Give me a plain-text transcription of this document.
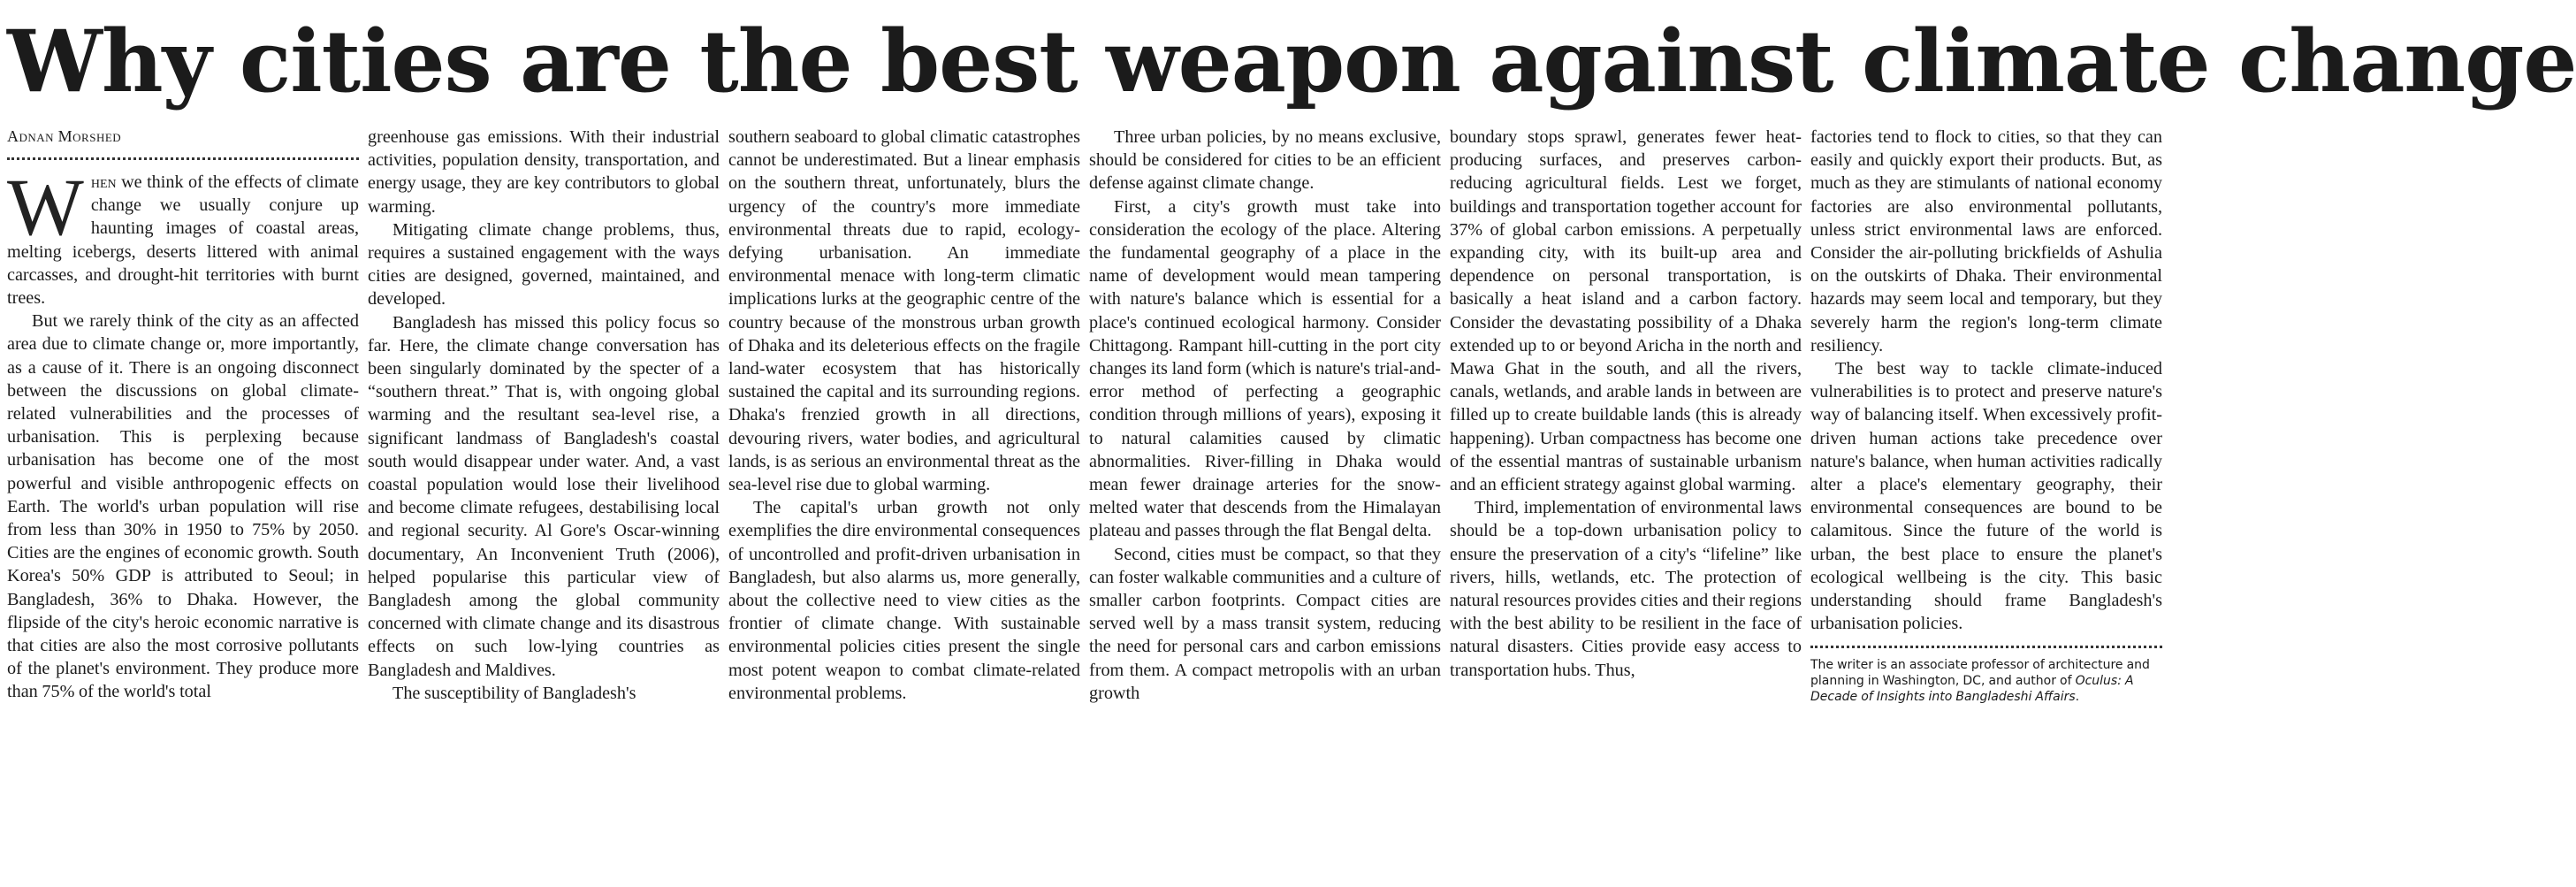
Why cities are the best weapon against climate change
Adnan Morshed

When we think of the effects of climate change we usually conjure up haunting images of coastal areas, melting icebergs, deserts littered with animal carcasses, and drought-hit territories with burnt trees.

But we rarely think of the city as an affected area due to climate change or, more importantly, as a cause of it. There is an ongoing disconnect between the discussions on global climate-related vulnerabilities and the processes of urbanisation. This is perplexing because urbanisation has become one of the most powerful and visible anthropogenic effects on Earth. The world's urban population will rise from less than 30% in 1950 to 75% by 2050. Cities are the engines of economic growth. South Korea's 50% GDP is attributed to Seoul; in Bangladesh, 36% to Dhaka. However, the flipside of the city's heroic economic narrative is that cities are also the most corrosive pollutants of the planet's environment. They produce more than 75% of the world's total

greenhouse gas emissions. With their industrial activities, population density, transportation, and energy usage, they are key contributors to global warming.

Mitigating climate change problems, thus, requires a sustained engagement with the ways cities are designed, governed, maintained, and developed.

Bangladesh has missed this policy focus so far. Here, the climate change conversation has been singularly dominated by the specter of a “southern threat.” That is, with ongoing global warming and the resultant sea-level rise, a significant landmass of Bangladesh's coastal south would disappear under water. And, a vast coastal population would lose their livelihood and become climate refugees, destabilising local and regional security. Al Gore's Oscar-winning documentary, An Inconvenient Truth (2006), helped popularise this particular view of Bangladesh among the global community concerned with climate change and its disastrous effects on such low-lying countries as Bangladesh and Maldives.

The susceptibility of Bangladesh's

southern seaboard to global climatic catastrophes cannot be underestimated. But a linear emphasis on the southern threat, unfortunately, blurs the urgency of the country's more immediate environmental threats due to rapid, ecology-defying urbanisation. An immediate environmental menace with long-term climatic implications lurks at the geographic centre of the country because of the monstrous urban growth of Dhaka and its deleterious effects on the fragile land-water ecosystem that has historically sustained the capital and its surrounding regions. Dhaka's frenzied growth in all directions, devouring rivers, water bodies, and agricultural lands, is as serious an environmental threat as the sea-level rise due to global warming.

The capital's urban growth not only exemplifies the dire environmental consequences of uncontrolled and profit-driven urbanisation in Bangladesh, but also alarms us, more generally, about the collective need to view cities as the frontier of climate change. With sustainable environmental policies cities present the single most potent weapon to combat climate-related environmental problems.

Three urban policies, by no means exclusive, should be considered for cities to be an efficient defense against climate change.

First, a city's growth must take into consideration the ecology of the place. Altering the fundamental geography of a place in the name of development would mean tampering with nature's balance which is essential for a place's continued ecological harmony. Consider Chittagong. Rampant hill-cutting in the port city changes its land form (which is nature's trial-and-error method of perfecting a geographic condition through millions of years), exposing it to natural calamities caused by climatic abnormalities. River-filling in Dhaka would mean fewer drainage arteries for the snow-melted water that descends from the Himalayan plateau and passes through the flat Bengal delta.

Second, cities must be compact, so that they can foster walkable communities and a culture of smaller carbon footprints. Compact cities are served well by a mass transit system, reducing the need for personal cars and carbon emissions from them. A compact metropolis with an urban growth

boundary stops sprawl, generates fewer heat-producing surfaces, and preserves carbon-reducing agricultural fields. Lest we forget, buildings and transportation together account for 37% of global carbon emissions. A perpetually expanding city, with its built-up area and dependence on personal transportation, is basically a heat island and a carbon factory. Consider the devastating possibility of a Dhaka extended up to or beyond Aricha in the north and Mawa Ghat in the south, and all the rivers, canals, wetlands, and arable lands in between are filled up to create buildable lands (this is already happening). Urban compactness has become one of the essential mantras of sustainable urbanism and an efficient strategy against global warming.

Third, implementation of environmental laws should be a top-down urbanisation policy to ensure the preservation of a city's “lifeline” like rivers, hills, wetlands, etc. The protection of natural resources provides cities and their regions with the best ability to be resilient in the face of natural disasters. Cities provide easy access to transportation hubs. Thus,

factories tend to flock to cities, so that they can easily and quickly export their products. But, as much as they are stimulants of national economy factories are also environmental pollutants, unless strict environmental laws are enforced. Consider the air-polluting brickfields of Ashulia on the outskirts of Dhaka. Their environmental hazards may seem local and temporary, but they severely harm the region's long-term climate resiliency.

The best way to tackle climate-induced vulnerabilities is to protect and preserve nature's way of balancing itself. When excessively profit-driven human actions take precedence over nature's balance, when human activities radically alter a place's elementary geography, their environmental consequences are bound to be calamitous. Since the future of the world is urban, the best place to ensure the planet's ecological wellbeing is the city. This basic understanding should frame Bangladesh's urbanisation policies.

The writer is an associate professor of architecture and planning in Washington, DC, and author of Oculus: A Decade of Insights into Bangladeshi Affairs.
